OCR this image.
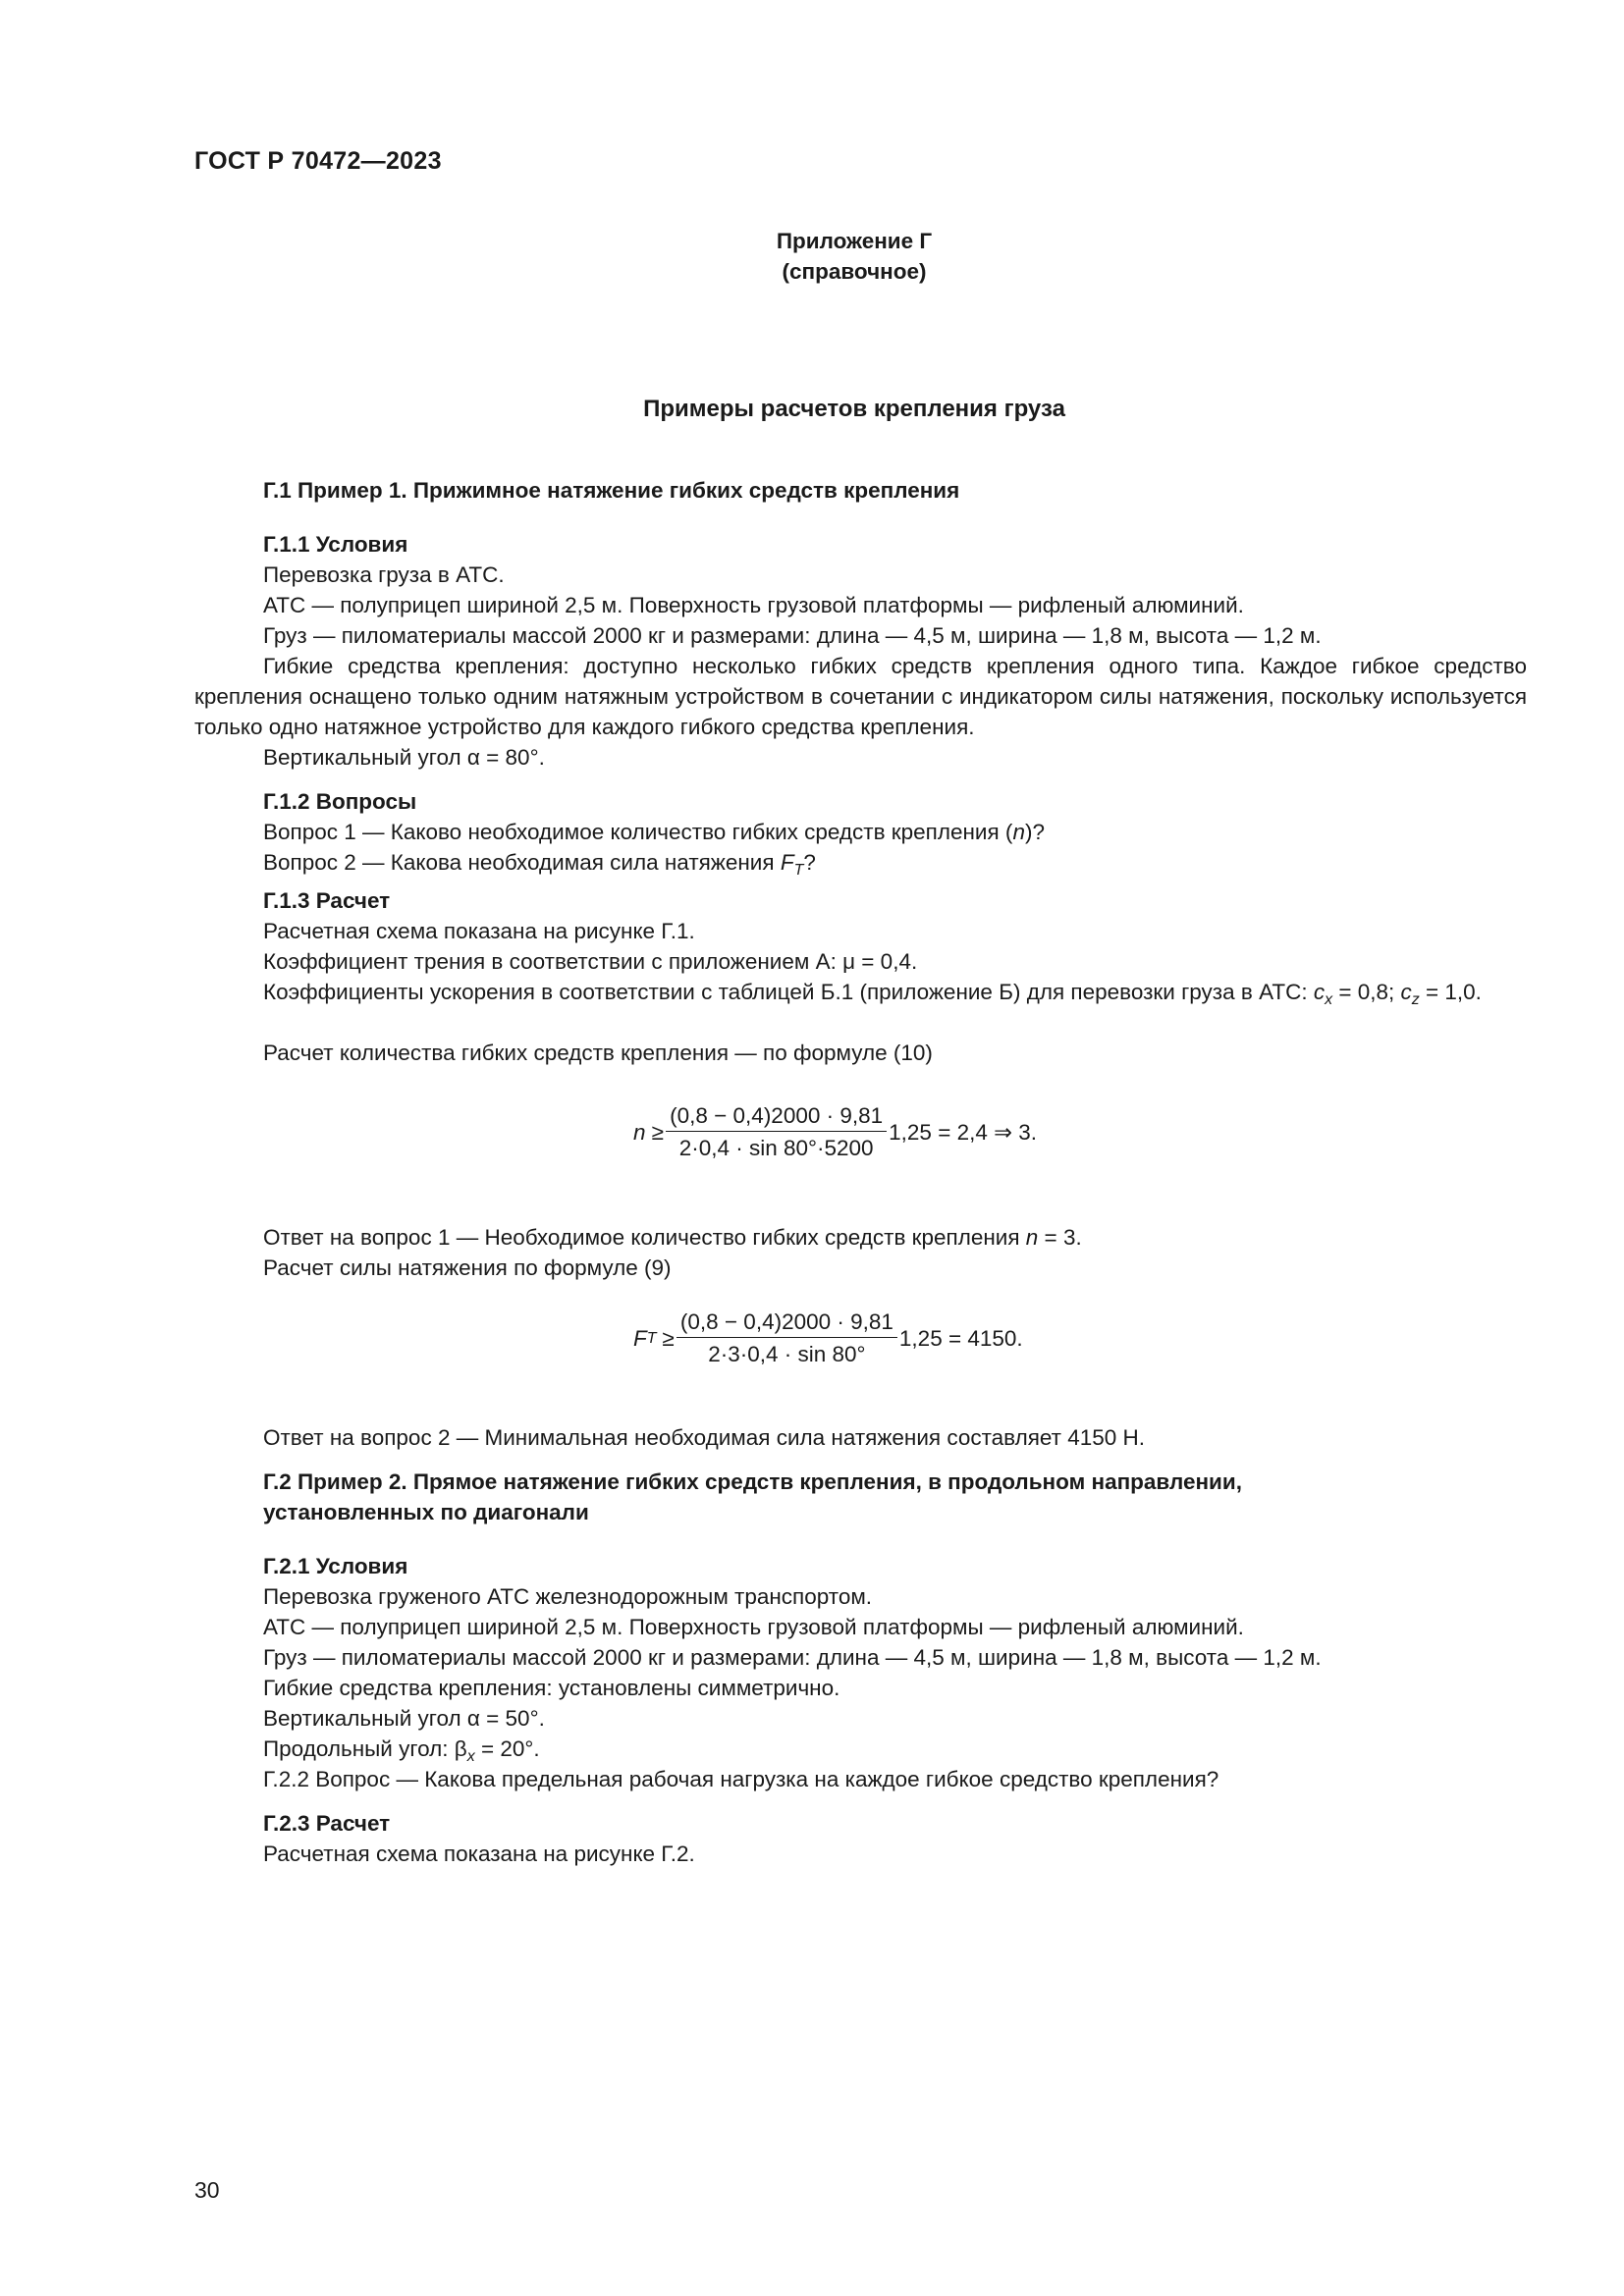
ГОСТ Р 70472—2023
Приложение Г
(справочное)
Примеры расчетов крепления груза
Г.1 Пример 1. Прижимное натяжение гибких средств крепления
Г.1.1 Условия
Перевозка груза в АТС.
АТС — полуприцеп шириной 2,5 м. Поверхность грузовой платформы — рифленый алюминий.
Груз — пиломатериалы массой 2000 кг и размерами: длина — 4,5 м, ширина — 1,8 м, высота — 1,2 м.
Гибкие средства крепления: доступно несколько гибких средств крепления одного типа. Каждое гибкое средство крепления оснащено только одним натяжным устройством в сочетании с индикатором силы натяжения, поскольку используется только одно натяжное устройство для каждого гибкого средства крепления.
Вертикальный угол α = 80°.
Г.1.2 Вопросы
Вопрос 1 — Каково необходимое количество гибких средств крепления (n)?
Вопрос 2 — Какова необходимая сила натяжения $F_T$?
Г.1.3 Расчет
Расчетная схема показана на рисунке Г.1.
Коэффициент трения в соответствии с приложением А: μ = 0,4.
Коэффициенты ускорения в соответствии с таблицей Б.1 (приложение Б) для перевозки груза в АТС: $c_x = 0,8$; $c_z = 1,0$.
Расчет количества гибких средств крепления — по формуле (10)
$n \ge \frac{(0,8 - 0,4)2000 \cdot 9,81}{2\cdot 0,4 \cdot \sin 80^\circ\cdot 5200} 1,25 = 2,4$ ⇒ 3.
Ответ на вопрос 1 — Необходимое количество гибких средств крепления n = 3.
Расчет силы натяжения по формуле (9)
F $T \ge \frac{(0,8 - 0,4)2000 \cdot 9,81}{2\cdot 3\cdot 0,4 \cdot \sin 80^\circ} 1,25 = 4150$.
Ответ на вопрос 2 — Минимальная необходимая сила натяжения составляет 4150 Н.
Г.2 Пример 2. Прямое натяжение гибких средств крепления, в продольном направлении,
установленных по диагонали
Г.2.1 Условия
Перевозка груженого АТС железнодорожным транспортом.
АТС — полуприцеп шириной 2,5 м. Поверхность грузовой платформы — рифленый алюминий.
Груз — пиломатериалы массой 2000 кг и размерами: длина — 4,5 м, ширина — 1,8 м, высота — 1,2 м.
Гибкие средства крепления: установлены симметрично.
Вертикальный угол α = 50°.
Продольный угол: $\beta_x = 20^\circ$.
Г.2.2 Вопрос — Какова предельная рабочая нагрузка на каждое гибкое средство крепления?
Г.2.3 Расчет
Расчетная схема показана на рисунке Г.2.
30
